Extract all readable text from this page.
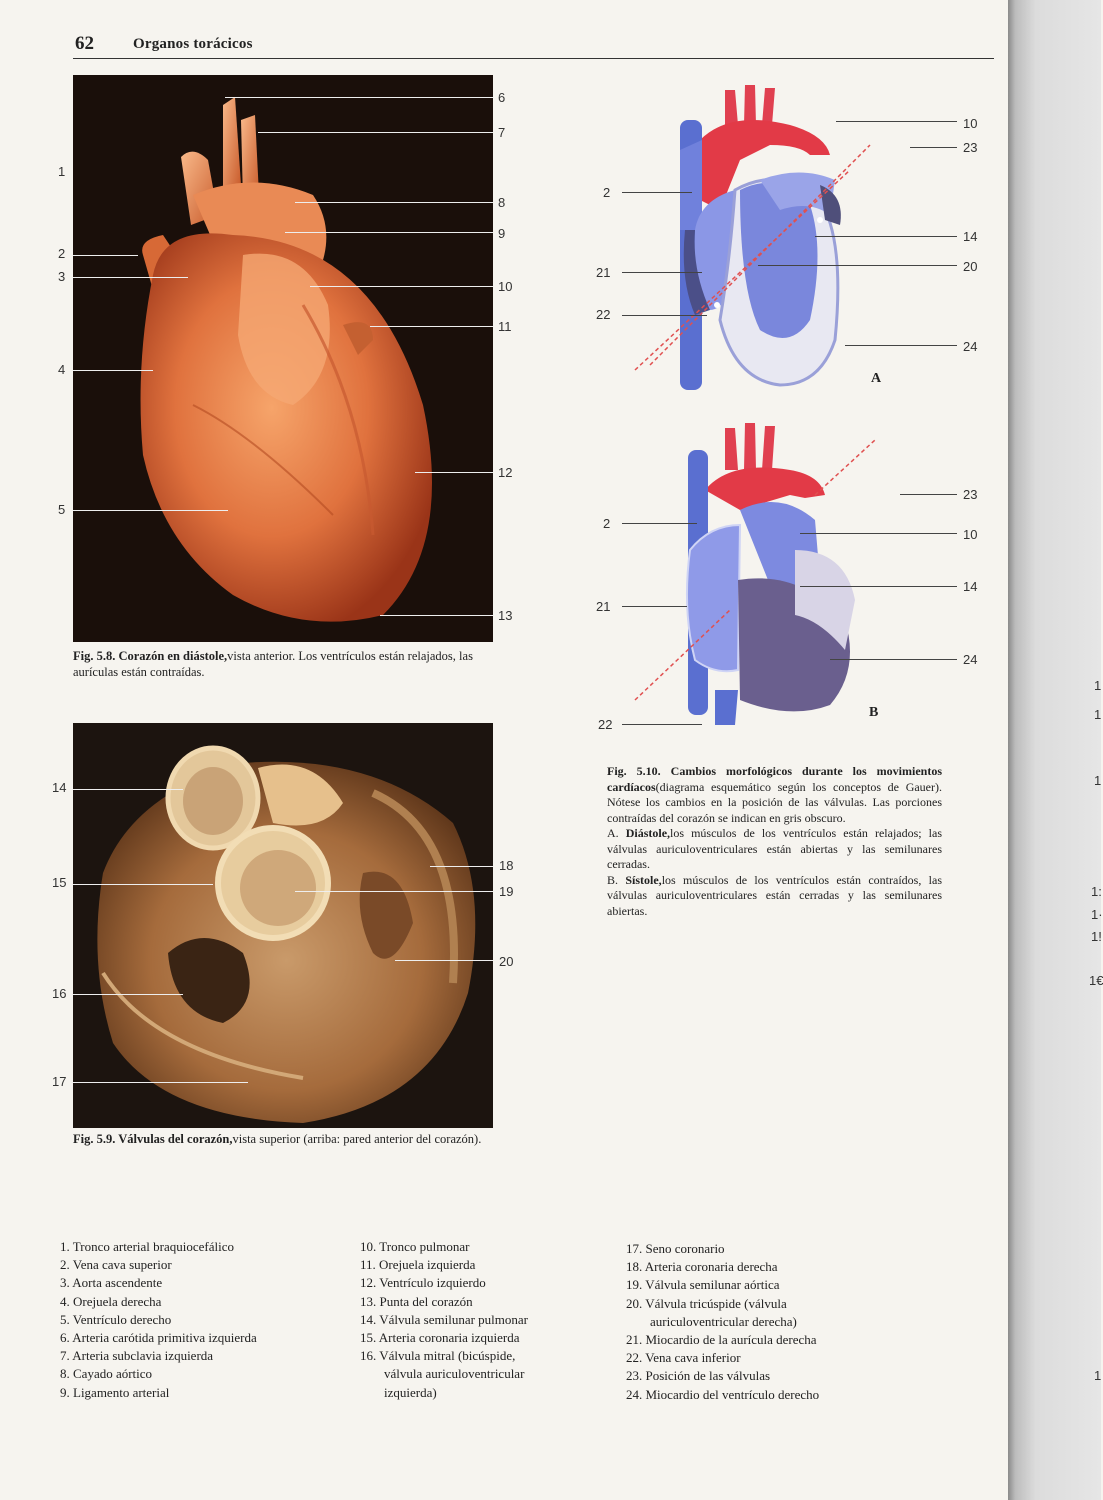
62	Organos torácicos
1
1
1
1:
1·
1!
1€
1
1
2
3
4
5
6
7
8
9
10
11
12
13
Fig. 5.8. Corazón en diástole,vista anterior. Los ventrículos están relajados, las aurículas están contraídas.
14
15
16
17
18
19
20
Fig. 5.9. Válvulas del corazón,vista superior (arriba: pared anterior del corazón).
2
21
22
10
23
14
20
24
A
2
21
22
23
10
14
24
B
Fig. 5.10. Cambios morfológicos durante los movimientos cardíacos(diagrama esquemático según los conceptos de Gauer). Nótese los cambios en la posición de las válvulas. Las porciones contraídas del corazón se indican en gris obscuro.
A. Diástole,los músculos de los ventrículos están relajados; las válvulas auriculoventriculares están abiertas y las semilunares cerradas.
B. Sístole,los músculos de los ventrículos están contraídos, las válvulas auriculoventriculares están cerradas y las semilunares abiertas.
1. Tronco arterial braquiocefálico
2. Vena cava superior
3. Aorta ascendente
4. Orejuela derecha
5. Ventrículo derecho
6. Arteria carótida primitiva izquierda
7. Arteria subclavia izquierda
8. Cayado aórtico
9. Ligamento arterial
10. Tronco pulmonar
11. Orejuela izquierda
12. Ventrículo izquierdo
13. Punta del corazón
14. Válvula semilunar pulmonar
15. Arteria coronaria izquierda
16. Válvula mitral (bicúspide,
válvula auriculoventricular
izquierda)
17. Seno coronario
18. Arteria coronaria derecha
19. Válvula semilunar aórtica
20. Válvula tricúspide (válvula
auriculoventricular derecha)
21. Miocardio de la aurícula derecha
22. Vena cava inferior
23. Posición de las válvulas
24. Miocardio del ventrículo derecho
